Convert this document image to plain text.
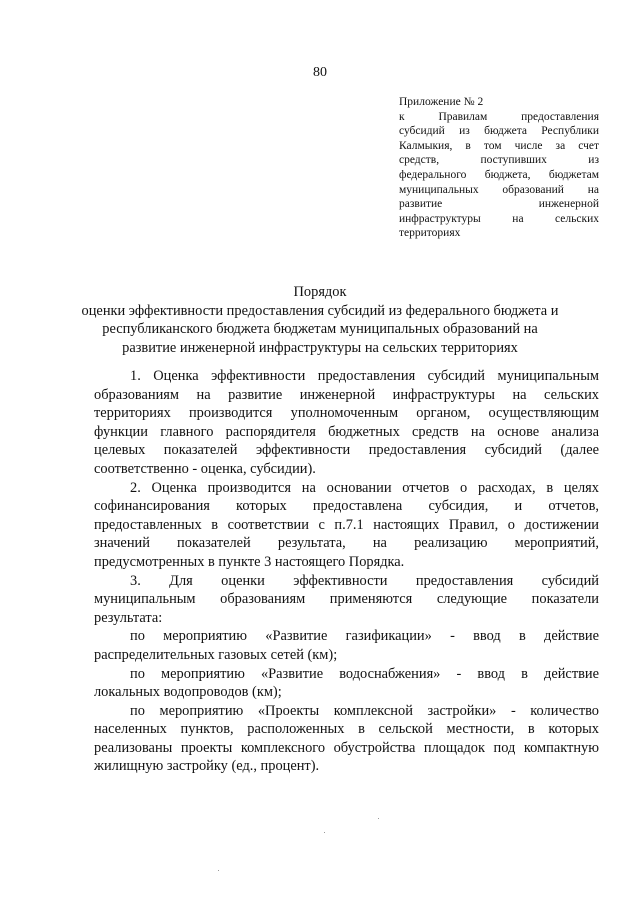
80
Приложение № 2
к Правилам предоставления
субсидий из бюджета Республики
Калмыкия, в том числе за счет
средств, поступивших из
федерального бюджета, бюджетам
муниципальных образований на
развитие инженерной
инфраструктуры на сельских
территориях
Порядок
оценки эффективности предоставления субсидий из федерального бюджета и
республиканского бюджета бюджетам муниципальных образований на
развитие инженерной инфраструктуры на сельских территориях
1. Оценка эффективности предоставления субсидий муниципальным
образованиям на развитие инженерной инфраструктуры на сельских
территориях производится уполномоченным органом, осуществляющим
функции главного распорядителя бюджетных средств на основе анализа
целевых показателей эффективности предоставления субсидий (далее
соответственно - оценка, субсидии).
2. Оценка производится на основании отчетов о расходах, в целях
софинансирования которых предоставлена субсидия, и отчетов,
предоставленных в соответствии с п.7.1 настоящих Правил, о достижении
значений показателей результата, на реализацию мероприятий,
предусмотренных в пункте 3 настоящего Порядка.
3. Для оценки эффективности предоставления субсидий
муниципальным образованиям применяются следующие показатели
результата:
по мероприятию «Развитие газификации» - ввод в действие
распределительных газовых сетей (км);
по мероприятию «Развитие водоснабжения» - ввод в действие
локальных водопроводов (км);
по мероприятию «Проекты комплексной застройки» - количество
населенных пунктов, расположенных в сельской местности, в которых
реализованы проекты комплексного обустройства площадок под компактную
жилищную застройку (ед., процент).
